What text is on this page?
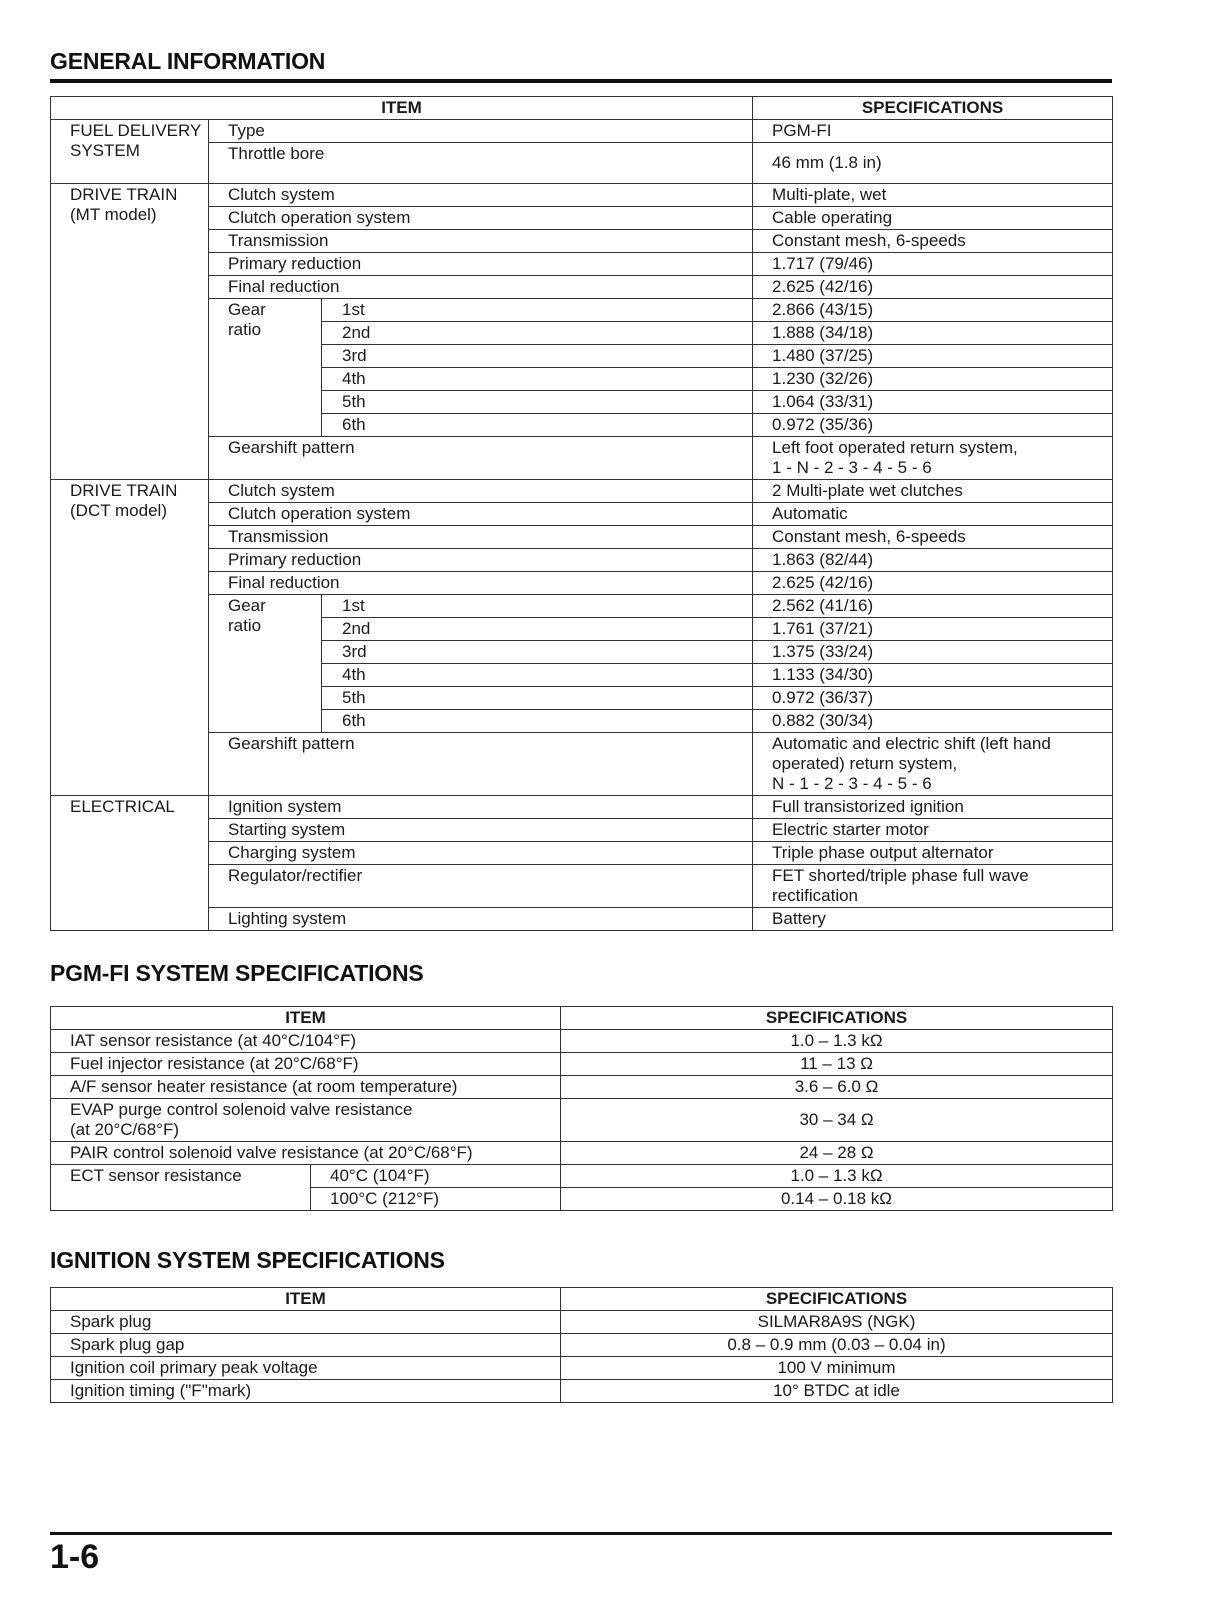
GENERAL INFORMATION
ITEM			SPECIFICATIONS
FUEL DELIVERY SYSTEM	Type		PGM-FI
	Throttle bore		46 mm (1.8 in)
DRIVE TRAIN
(MT model)	Clutch system		Multi-plate, wet
	Clutch operation system		Cable operating
	Transmission		Constant mesh, 6-speeds
	Primary reduction		1.717 (79/46)
	Final reduction		2.625 (42/16)
	Gear
ratio	1st	2.866 (43/15)
		2nd	1.888 (34/18)
		3rd	1.480 (37/25)
		4th	1.230 (32/26)
		5th	1.064 (33/31)
		6th	0.972 (35/36)
	Gearshift pattern		Left foot operated return system,
1 - N - 2 - 3 - 4 - 5 - 6
DRIVE TRAIN
(DCT model)	Clutch system		2 Multi-plate wet clutches
	Clutch operation system		Automatic
	Transmission		Constant mesh, 6-speeds
	Primary reduction		1.863 (82/44)
	Final reduction		2.625 (42/16)
	Gear
ratio	1st	2.562 (41/16)
		2nd	1.761 (37/21)
		3rd	1.375 (33/24)
		4th	1.133 (34/30)
		5th	0.972 (36/37)
		6th	0.882 (30/34)
	Gearshift pattern		Automatic and electric shift (left hand
operated) return system,
N - 1 - 2 - 3 - 4 - 5 - 6
ELECTRICAL	Ignition system		Full transistorized ignition
	Starting system		Electric starter motor
	Charging system		Triple phase output alternator
	Regulator/rectifier		FET shorted/triple phase full wave
rectification
	Lighting system		Battery
PGM-FI SYSTEM SPECIFICATIONS
ITEM		SPECIFICATIONS
IAT sensor resistance (at 40°C/104°F)		1.0 – 1.3 kΩ
Fuel injector resistance (at 20°C/68°F)		11 – 13 Ω
A/F sensor heater resistance (at room temperature)		3.6 – 6.0 Ω
EVAP purge control solenoid valve resistance
(at 20°C/68°F)		30 – 34 Ω
PAIR control solenoid valve resistance (at 20°C/68°F)		24 – 28 Ω
ECT sensor resistance	40°C (104°F)	1.0 – 1.3 kΩ
	100°C (212°F)	0.14 – 0.18 kΩ
IGNITION SYSTEM SPECIFICATIONS
ITEM	SPECIFICATIONS
Spark plug	SILMAR8A9S (NGK)
Spark plug gap	0.8 – 0.9 mm (0.03 – 0.04 in)
Ignition coil primary peak voltage	100 V minimum
Ignition timing ("F"mark)	10° BTDC at idle

1-6
